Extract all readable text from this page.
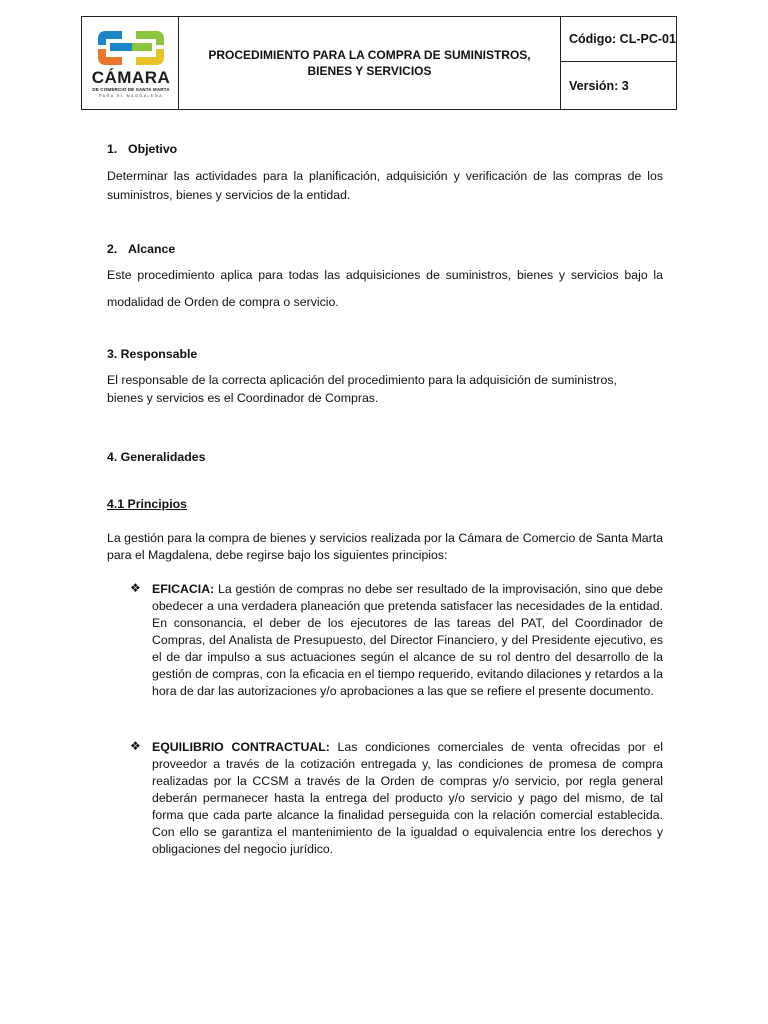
CÁMARA
DE COMERCIO DE SANTA MARTA
PARA EL MAGDALENA
PROCEDIMIENTO PARA LA COMPRA DE SUMINISTROS, BIENES Y SERVICIOS
Código: CL-PC-01
Versión: 3
1. Objetivo
Determinar las actividades para la planificación, adquisición y verificación de las compras de los suministros, bienes y servicios de la entidad.
2. Alcance
Este procedimiento aplica para todas las adquisiciones de suministros, bienes y servicios bajo la
modalidad de Orden de compra o servicio.
3. Responsable
El responsable de la correcta aplicación del procedimiento para la adquisición de suministros,
bienes y servicios es el Coordinador de Compras.
4. Generalidades
4.1 Principios
La gestión para la compra de bienes y servicios realizada por la Cámara de Comercio de Santa Marta para el Magdalena, debe regirse bajo los siguientes principios:
❖ EFICACIA: La gestión de compras no debe ser resultado de la improvisación, sino que debe obedecer a una verdadera planeación que pretenda satisfacer las necesidades de la entidad. En consonancia, el deber de los ejecutores de las tareas del PAT, del Coordinador de Compras, del Analista de Presupuesto, del Director Financiero, y del Presidente ejecutivo, es el de dar impulso a sus actuaciones según el alcance de su rol dentro del desarrollo de la gestión de compras, con la eficacia en el tiempo requerido, evitando dilaciones y retardos a la hora de dar las autorizaciones y/o aprobaciones a las que se refiere el presente documento.
❖ EQUILIBRIO CONTRACTUAL: Las condiciones comerciales de venta ofrecidas por el proveedor a través de la cotización entregada y, las condiciones de promesa de compra realizadas por la CCSM a través de la Orden de compras y/o servicio, por regla general deberán permanecer hasta la entrega del producto y/o servicio y pago del mismo, de tal forma que cada parte alcance la finalidad perseguida con la relación comercial establecida. Con ello se garantiza el mantenimiento de la igualdad o equivalencia entre los derechos y obligaciones del negocio jurídico.
